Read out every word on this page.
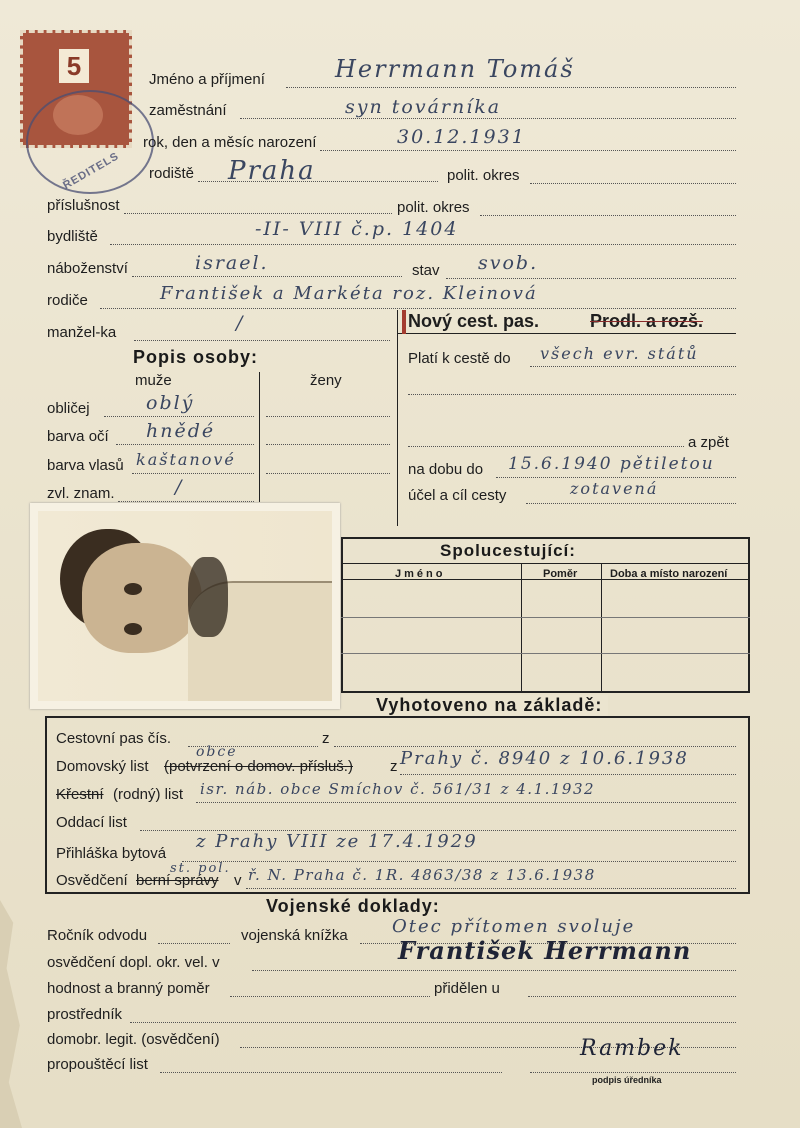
5
ŘEDITELS
Jméno a příjmení	Herrmann Tomáš
zaměstnání	syn továrníka
rok, den a měsíc narození	30.12.1931
rodiště Praha	polit. okres
příslušnost	polit. okres
bydliště	-II- VIII č.p. 1404
náboženství	israel.	stav svob.
rodiče	František a Markéta roz. Kleinová
manžel-ka	/
Popis osoby:
muže	ženy
obličej	oblý
barva očí hnědé
barva vlasů kaštanové
zvl. znam.	/
Nový cest. pas.	Prodl. a rozš.
Platí k cestě do všech evr. států
a zpět
na dobu do 15.6.1940 pětiletou
účel a cíl cesty	zotavená
Spolucestující:
Jméno	Poměr	Doba a místo narození
Vyhotoveno na základě:
Cestovní pas čís.	z
Domovský list (potvrzení o domov. přísluš.) z
obce	Prahy č. 8940 z 10.6.1938
Křestní (rodný) list isr. náb. obce Smíchov č. 561/31 z 4.1.1932
Oddací list
Přihláška bytová
z Prahy VIII ze 17.4.1929
Osvědčení berní správy v
st. pol. ř. N. Praha č. 1R. 4863/38 z 13.6.1938
Vojenské doklady:
Ročník odvodu	vojenská knížka Otec přítomen svoluje
osvědčení dopl. okr. vel. v	František Herrmann
hodnost a branný poměr	přidělen u
prostředník
domobr. legit. (osvědčení)
propouštěcí list
Rambek
podpis úředníka
